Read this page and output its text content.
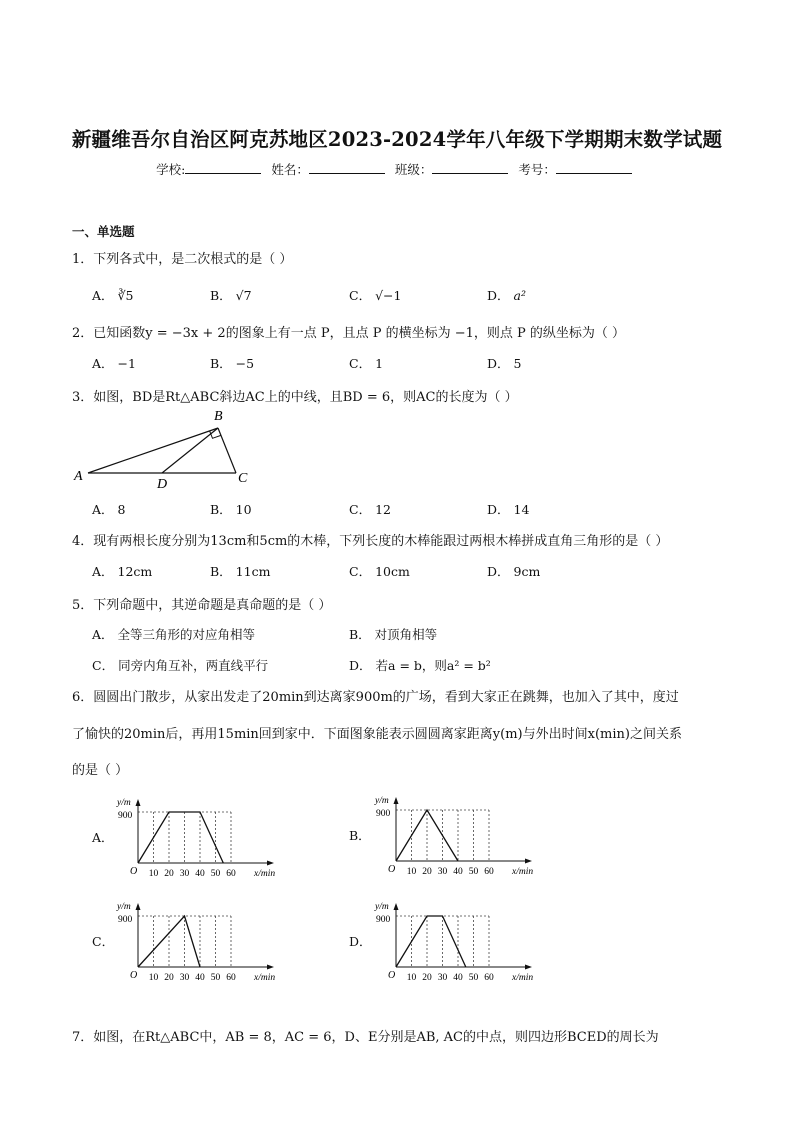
新疆维吾尔自治区阿克苏地区2023-2024学年八年级下学期期末数学试题
学校:	姓名：	班级：	考号：
一、单选题
1．下列各式中，是二次根式的是（ ）
A． ∛5	B． √7	C． √−1	D． a²
2．已知函数y = −3x + 2的图象上有一点 P，且点 P 的横坐标为 −1，则点 P 的纵坐标为（ ）
A． −1	B． −5	C． 1	D． 5
3．如图，BD是Rt△ABC斜边AC上的中线，且BD = 6，则AC的长度为（ ）
A
B
C
D
A． 8	B． 10	C． 12	D． 14
4．现有两根长度分别为13cm和5cm的木棒，下列长度的木棒能跟过两根木棒拼成直角三角形的是（ ）
A． 12cm	B． 11cm	C． 10cm	D． 9cm
5．下列命题中，其逆命题是真命题的是（ ）
A． 全等三角形的对应角相等	B． 对顶角相等
C． 同旁内角互补，两直线平行	D． 若a = b，则a² = b²
6．圆圆出门散步，从家出发走了20min到达离家900m的广场，看到大家正在跳舞，也加入了其中，度过
了愉快的20min后，再用15min回到家中．下面图象能表示圆圆离家距离y(m)与外出时间x(min)之间关系
的是（ ）
A．	B．
C．	D．
y/m
900
O 10 20 30 40 50 60 x/min
y/m
900
O 10 20 30 40 50 60 x/min
y/m
900
O 10 20 30 40 50 60 x/min
y/m
900
O 10 20 30 40 50 60 x/min
7．如图，在Rt△ABC中，AB = 8，AC = 6，D、E分别是AB, AC的中点，则四边形BCED的周长为
